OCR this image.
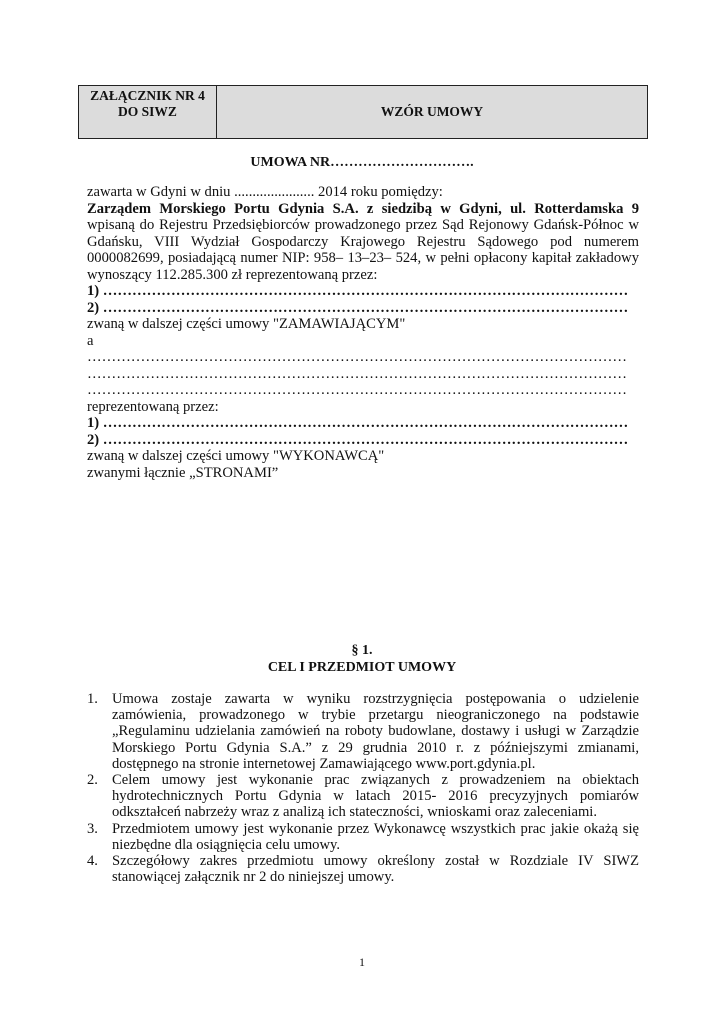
ZAŁĄCZNIK NR 4
DO SIWZ	WZÓR UMOWY
UMOWA NR………………………….
zawarta w Gdyni w dniu ...................... 2014 roku pomiędzy:
Zarządem Morskiego Portu Gdynia S.A. z siedzibą w Gdyni, ul. Rotterdamska 9 wpisaną do Rejestru Przedsiębiorców prowadzonego przez Sąd Rejonowy Gdańsk-Północ w Gdańsku, VIII Wydział Gospodarczy Krajowego Rejestru Sądowego pod numerem 0000082699, posiadającą numer NIP: 958– 13–23– 524, w pełni opłacony kapitał zakładowy wynoszący 112.285.300 zł reprezentowaną przez:
1) ………………………………………………………………………………………………
2) ………………………………………………………………………………………………
zwaną w dalszej części umowy "ZAMAWIAJĄCYM"
a
…………………………………………………………………………………………………
…………………………………………………………………………………………………
…………………………………………………………………………………………………
reprezentowaną przez:
1) ………………………………………………………………………………………………
2) ………………………………………………………………………………………………
zwaną w dalszej części umowy "WYKONAWCĄ"
zwanymi łącznie „STRONAMI”
§ 1.
CEL I PRZEDMIOT UMOWY
1. Umowa zostaje zawarta w wyniku rozstrzygnięcia postępowania o udzielenie zamówienia, prowadzonego w trybie przetargu nieograniczonego na podstawie „Regulaminu udzielania zamówień na roboty budowlane, dostawy i usługi w Zarządzie Morskiego Portu Gdynia S.A.” z 29 grudnia 2010 r. z późniejszymi zmianami, dostępnego na stronie internetowej Zamawiającego www.port.gdynia.pl.
2. Celem umowy jest wykonanie prac związanych z prowadzeniem na obiektach hydrotechnicznych Portu Gdynia w latach 2015- 2016 precyzyjnych pomiarów odkształceń nabrzeży wraz z analizą ich stateczności, wnioskami oraz zaleceniami.
3. Przedmiotem umowy jest wykonanie przez Wykonawcę wszystkich prac jakie okażą się niezbędne dla osiągnięcia celu umowy.
4. Szczegółowy zakres przedmiotu umowy określony został w Rozdziale IV SIWZ stanowiącej załącznik nr 2 do niniejszej umowy.
1
